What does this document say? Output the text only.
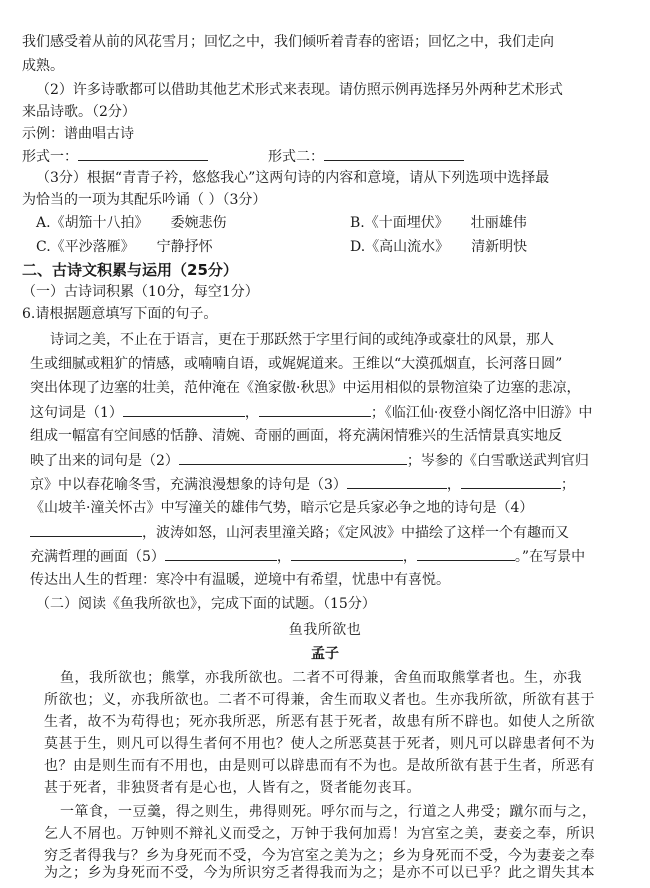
我们感受着从前的风花雪月；回忆之中，我们倾听着青春的密语；回忆之中，我们走向
成熟。
（2）许多诗歌都可以借助其他艺术形式来表现。请仿照示例再选择另外两种艺术形式
来品诗歌。（2分）
示例：谱曲唱古诗
形式一：	形式二：
（3分）根据“青青子衿，悠悠我心”这两句诗的内容和意境，请从下列选项中选择最
为恰当的一项为其配乐吟诵（ ）（3分）
A.《胡笳十八拍》 委婉悲伤	B.《十面埋伏》 壮丽雄伟
C.《平沙落雁》 宁静抒怀	D.《高山流水》 清新明快
二、古诗文积累与运用（25分）
（一）古诗词积累（10分，每空1分）
6.请根据题意填写下面的句子。
诗词之美，不止在于语言，更在于那跃然于字里行间的或纯净或豪壮的风景，那人
生或细腻或粗犷的情感，或喃喃自语，或娓娓道来。王维以“大漠孤烟直，长河落日圆”
突出体现了边塞的壮美，范仲淹在《渔家傲·秋思》中运用相似的景物渲染了边塞的悲凉，
这句词是（1）	，	；《临江仙·夜登小阁忆洛中旧游》中
组成一幅富有空间感的恬静、清婉、奇丽的画面，将充满闲情雅兴的生活情景真实地反
映了出来的词句是（2）	；岑参的《白雪歌送武判官归
京》中以春花喻冬雪，充满浪漫想象的诗句是（3）	，	；
《山坡羊·潼关怀古》中写潼关的雄伟气势，暗示它是兵家必争之地的诗句是（4）
，波涛如怒，山河表里潼关路；《定风波》中描绘了这样一个有趣而又
充满哲理的画面（5）	，	，	。”在写景中
传达出人生的哲理：寒冷中有温暖，逆境中有希望，忧患中有喜悦。
（二）阅读《鱼我所欲也》，完成下面的试题。（15分）
鱼我所欲也
孟子
鱼，我所欲也；熊掌，亦我所欲也。二者不可得兼，舍鱼而取熊掌者也。生，亦我
所欲也；义，亦我所欲也。二者不可得兼，舍生而取义者也。生亦我所欲，所欲有甚于
生者，故不为苟得也；死亦我所恶，所恶有甚于死者，故患有所不辟也。如使人之所欲
莫甚于生，则凡可以得生者何不用也？使人之所恶莫甚于死者，则凡可以辟患者何不为
也？由是则生而有不用也，由是则可以辟患而有不为也。是故所欲有甚于生者，所恶有
甚于死者，非独贤者有是心也，人皆有之，贤者能勿丧耳。
一箪食，一豆羹，得之则生，弗得则死。呼尔而与之，行道之人弗受；蹴尔而与之，
乞人不屑也。万钟则不辩礼义而受之，万钟于我何加焉！为宫室之美，妻妾之奉，所识
穷乏者得我与？乡为身死而不受，今为宫室之美为之；乡为身死而不受，今为妻妾之奉
为之；乡为身死而不受，今为所识穷乏者得我而为之；是亦不可以已乎？此之谓失其本
